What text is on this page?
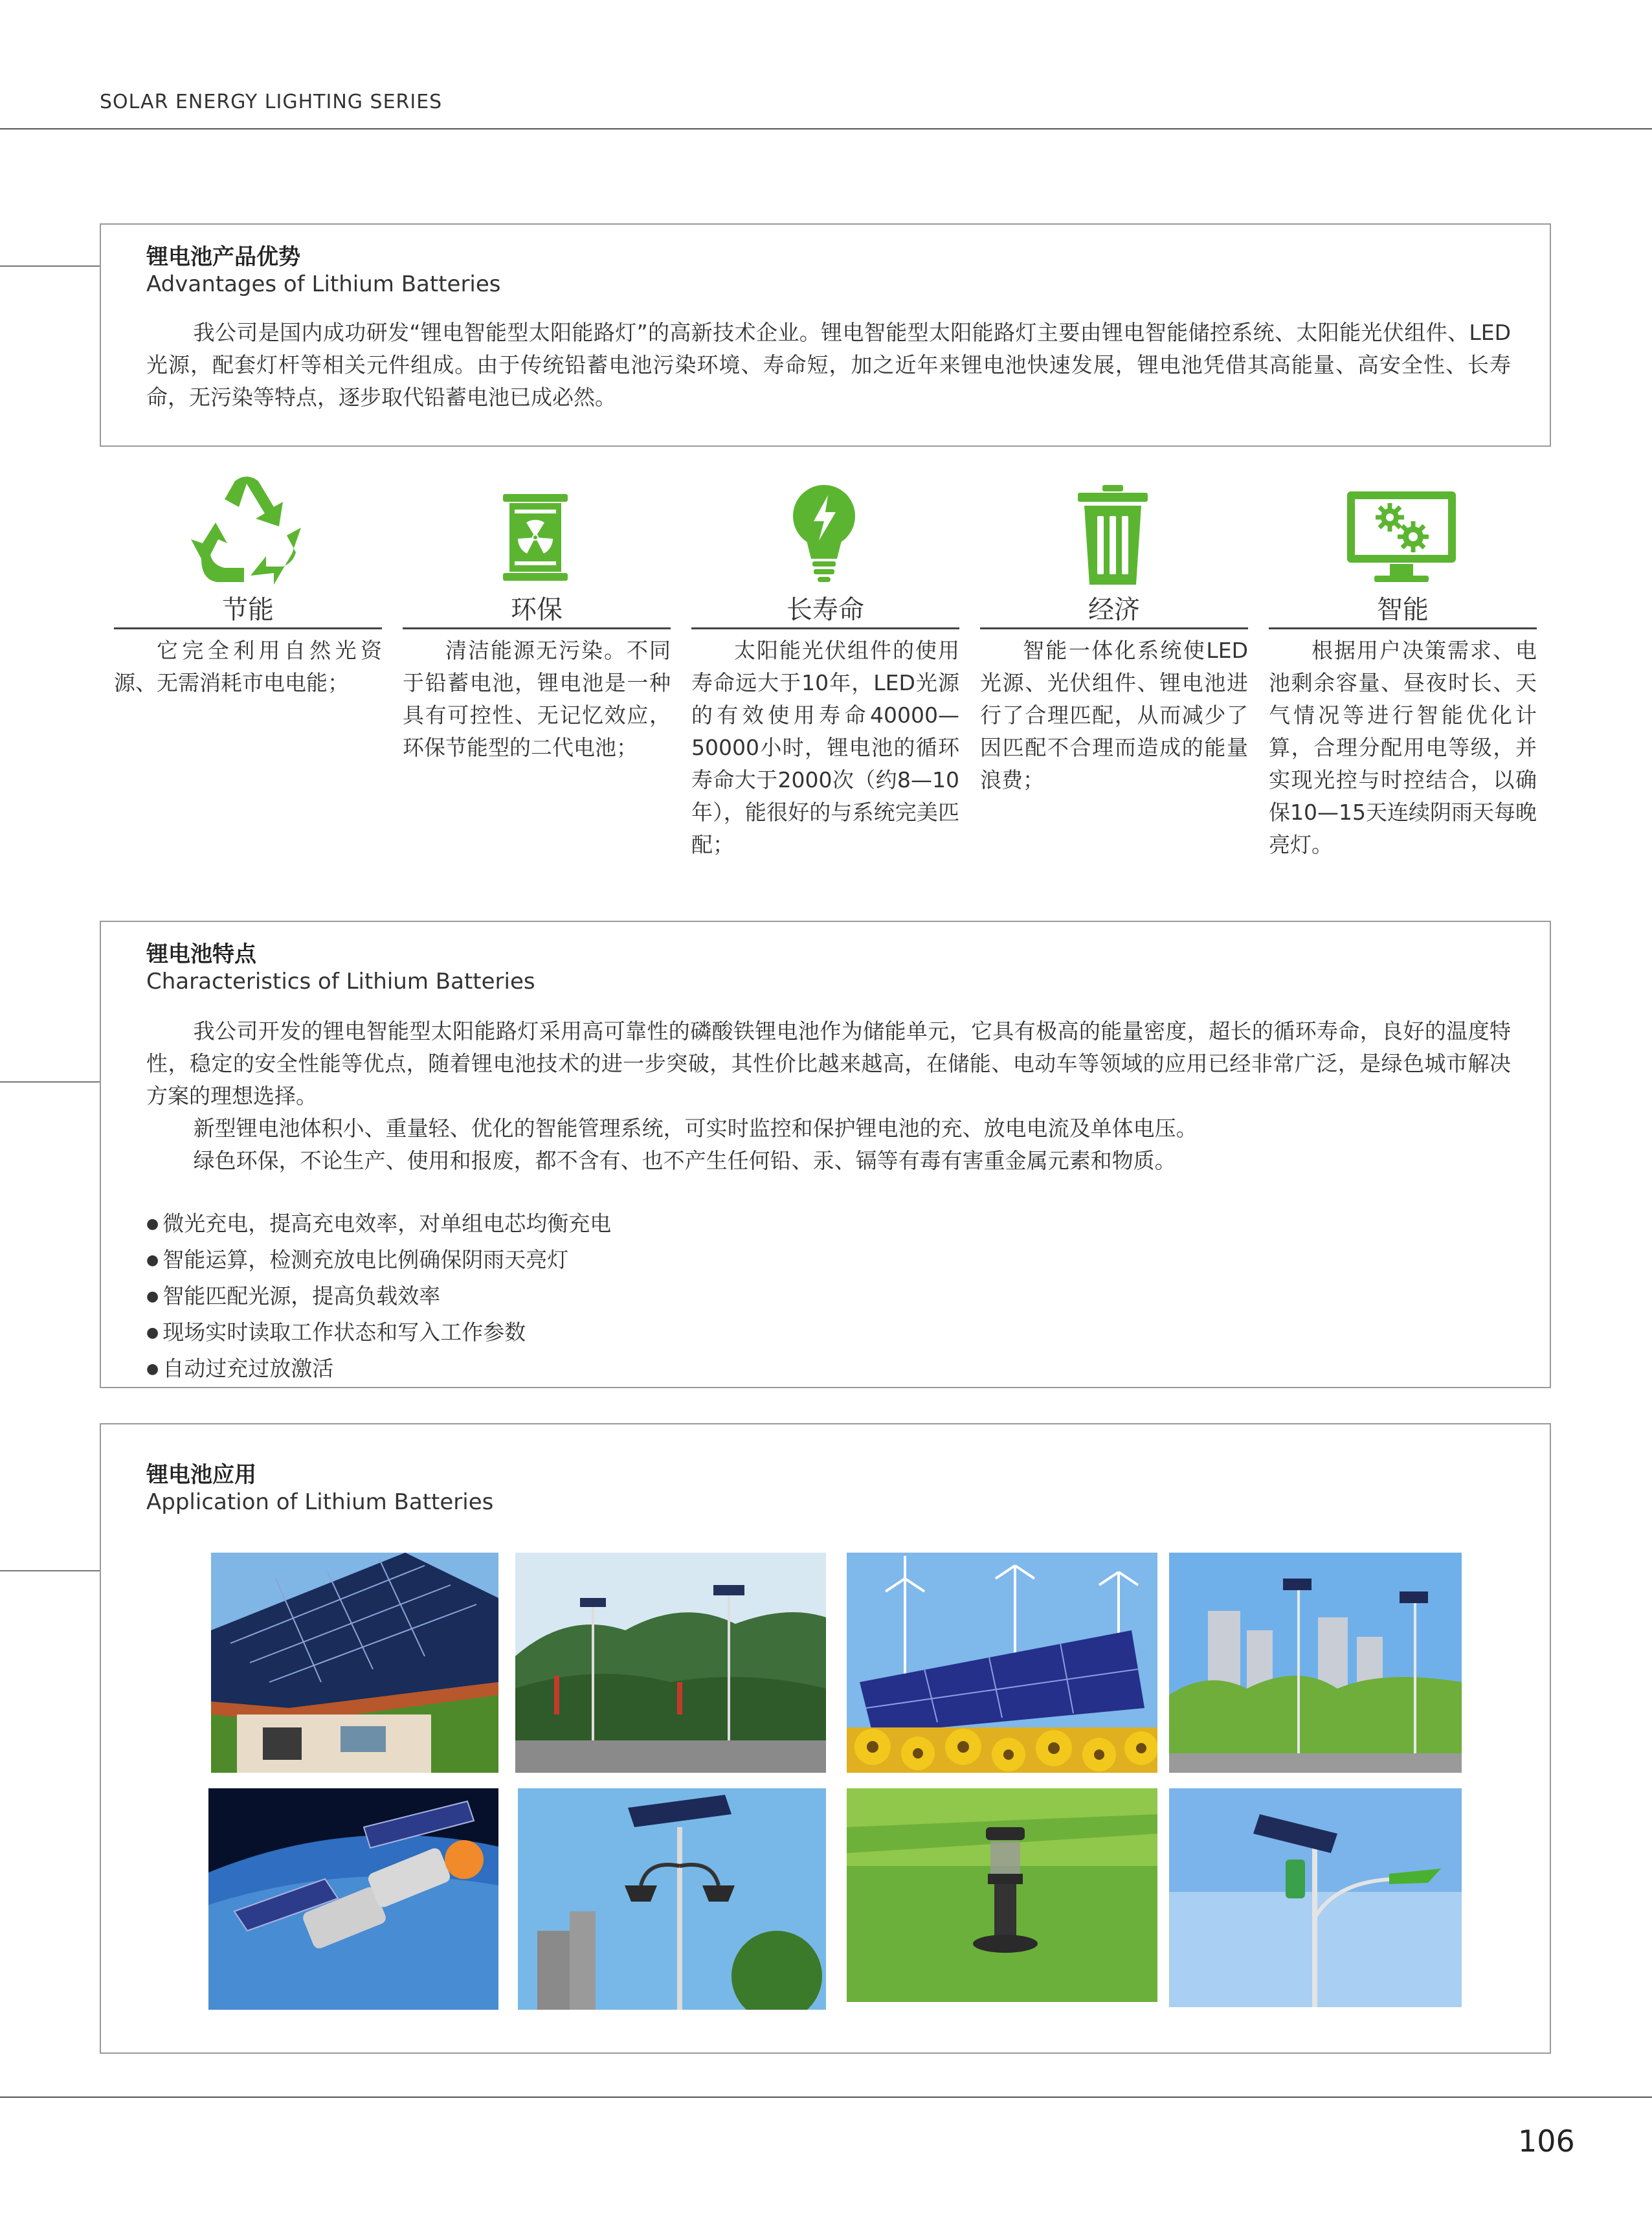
SOLAR ENERGY LIGHTING SERIES
锂电池产品优势
Advantages of Lithium Batteries

我公司是国内成功研发“锂电智能型太阳能路灯”的高新技术企业。锂电智能型太阳能路灯主要由锂电智能储控系统、太阳能光伏组件、LED光源，配套灯杆等相关元件组成。由于传统铅蓄电池污染环境、寿命短，加之近年来锂电池快速发展，锂电池凭借其高能量、高安全性、长寿命，无污染等特点，逐步取代铅蓄电池已成必然。

节能

它完全利用自然光资源、无需消耗市电电能；

环保

清洁能源无污染。不同于铅蓄电池，锂电池是一种具有可控性、无记忆效应，环保节能型的二代电池；

长寿命

太阳能光伏组件的使用寿命远大于10年，LED光源的有效使用寿命40000—50000小时，锂电池的循环寿命大于2000次（约8—10年），能很好的与系统完美匹配；

经济

智能一体化系统使LED光源、光伏组件、锂电池进行了合理匹配，从而减少了因匹配不合理而造成的能量浪费；

智能

根据用户决策需求、电池剩余容量、昼夜时长、天气情况等进行智能优化计算，合理分配用电等级，并实现光控与时控结合，以确保10—15天连续阴雨天每晚亮灯。

锂电池特点
Characteristics of Lithium Batteries

我公司开发的锂电智能型太阳能路灯采用高可靠性的磷酸铁锂电池作为储能单元，它具有极高的能量密度，超长的循环寿命，良好的温度特性，稳定的安全性能等优点，随着锂电池技术的进一步突破，其性价比越来越高，在储能、电动车等领域的应用已经非常广泛，是绿色城市解决方案的理想选择。

新型锂电池体积小、重量轻、优化的智能管理系统，可实时监控和保护锂电池的充、放电电流及单体电压。

绿色环保，不论生产、使用和报废，都不含有、也不产生任何铅、汞、镉等有毒有害重金属元素和物质。

● 微光充电，提高充电效率，对单组电芯均衡充电
● 智能运算，检测充放电比例确保阴雨天亮灯
● 智能匹配光源，提高负载效率
● 现场实时读取工作状态和写入工作参数
● 自动过充过放激活
锂电池应用
Application of Lithium Batteries
106
